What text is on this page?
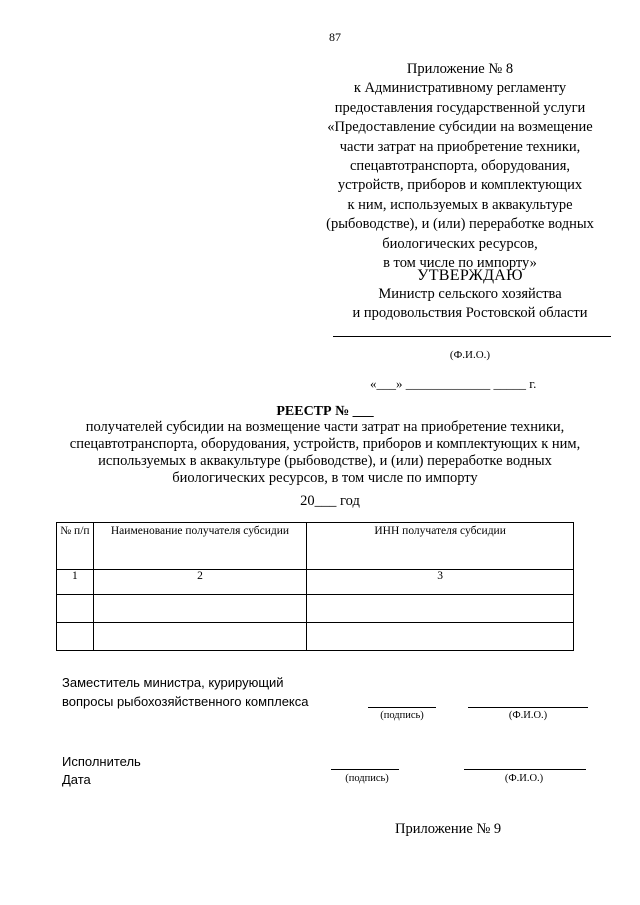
87
Приложение № 8
к Административному регламенту
предоставления государственной услуги
«Предоставление субсидии на возмещение
части затрат на приобретение техники,
спецавтотранспорта, оборудования,
устройств, приборов и комплектующих
к ним, используемых в аквакультуре
(рыбоводстве), и (или) переработке водных
биологических ресурсов,
в том числе по импорту»
УТВЕРЖДАЮ
Министр сельского хозяйства
и продовольствия Ростовской области
(Ф.И.О.)
«___» _____________ _____ г.
РЕЕСТР № ___
получателей субсидии на возмещение части затрат на приобретение техники,
спецавтотранспорта, оборудования, устройств, приборов и комплектующих к ним,
используемых в аквакультуре (рыбоводстве), и (или) переработке водных
биологических ресурсов, в том числе по импорту
20___ год
№ п/п	Наименование получателя субсидии	ИНН получателя субсидии
1	2	3

Заместитель министра, курирующий
вопросы рыбохозяйственного комплекса
(подпись)	(Ф.И.О.)
Исполнитель
Дата	(подпись)	(Ф.И.О.)
Приложение № 9
